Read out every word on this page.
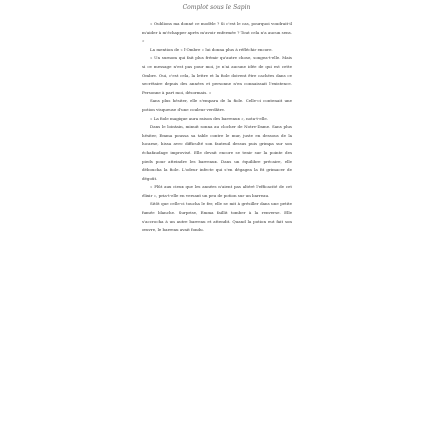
Complot sous le Sapin

« Oublions ma donné ce modèle ? Si c'est le cas, pourquoi voudrait-il m'aider à m'échapper après m'avoir enfermée ? Tout cela n'a aucun sens. »

La mention de « l'Ombre » lui donna plus à réfléchir encore.

« Un surnom qui fait plus frémir qu'autre chose, songea-t-elle. Mais si ce message n'est pas pour moi, je n'ai aucune idée de qui est cette Ombre. Oui, c'est cela, la lettre et la fiole doivent être cachées dans ce secrétaire depuis des années et personne n'en connaissait l'existence. Personne à part moi, désormais. »

Sans plus hésiter, elle s'empara de la fiole. Celle-ci contenait une potion visqueuse d'une couleur verdâtre.

« La fiole magique aura raison des barreaux », nota-t-elle.

Dans le lointain, minuit sonna au clocher de Notre-Dame. Sans plus hésiter, Emma poussa sa table contre le mur, juste en dessous de la lucarne, hissa avec difficulté son fauteuil dessus puis grimpa sur son échafaudage improvisé. Elle devait encore se tenir sur la pointe des pieds pour atteindre les barreaux. Dans un équilibre précaire, elle déboucha la fiole. L'odeur infecte qui s'en dégagea la fit grimacer de dégoût.

« Plût aux cieux que les années n'aient pas altéré l'efficacité de cet élixir », pria-t-elle en versant un peu de potion sur un barreau.

Sitôt que celle-ci toucha le fer, elle se mit à grésiller dans une petite fumée blanche. Surprise, Emma faillit tomber à la renverse. Elle s'accrocha à un autre barreau et attendit. Quand la potion eut fait son œuvre, le barreau avait fondu.
